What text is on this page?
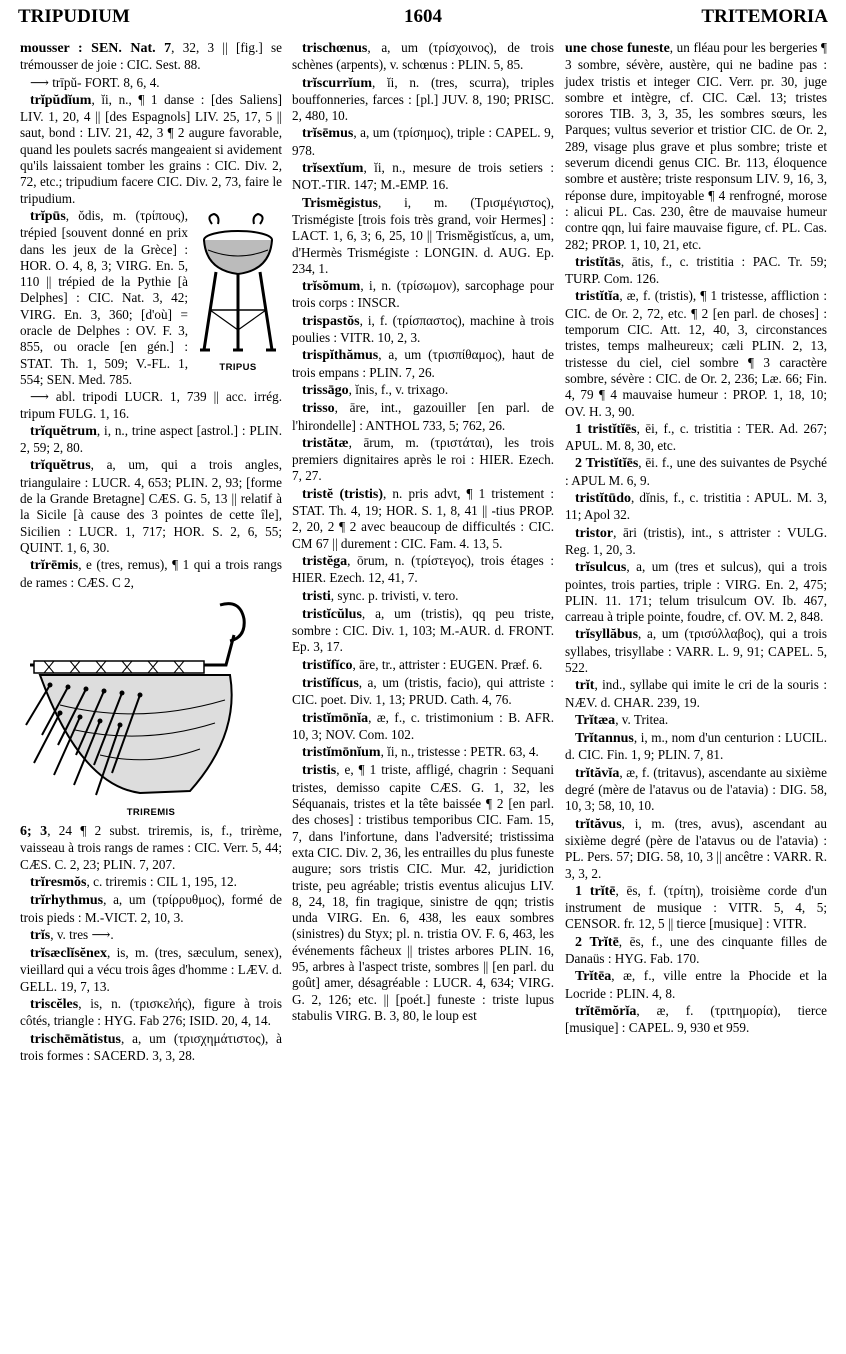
TRIPUDIUM	1604	TRITEMORIA

mousser : SEN. Nat. 7, 32, 3 || [fig.] se trémousser de joie : CIC. Sest. 88.

⟶ trīpŭ- FORT. 8, 6, 4.

trĭpŭdĭum, ĭi, n., ¶ 1 danse : [des Saliens] LIV. 1, 20, 4 || [des Espagnols] LIV. 25, 17, 5 || saut, bond : LIV. 21, 42, 3 ¶ 2 augure favorable, quand les poulets sacrés mangeaient si avidement qu'ils laissaient tomber les grains : CIC. Div. 2, 72, etc.; tripudium facere CIC. Div. 2, 73, faire le tripudium.

TRIPUS

trĭpūs, ŏdis, m. (τρίπους), trépied [souvent donné en prix dans les jeux de la Grèce] : HOR. O. 4, 8, 3; VIRG. En. 5, 110 || trépied de la Pythie [à Delphes] : CIC. Nat. 3, 42; VIRG. En. 3, 360; [d'où] = oracle de Delphes : OV. F. 3, 855, ou oracle [en gén.] : STAT. Th. 1, 509; V.-FL. 1, 554; SEN. Med. 785.

⟶ abl. tripodi LUCR. 1, 739 || acc. irrég. tripum FULG. 1, 16.

trĭquĕtrum, i, n., trine aspect [astrol.] : PLIN. 2, 59; 2, 80.

trĭquĕtrus, a, um, qui a trois angles, triangulaire : LUCR. 4, 653; PLIN. 2, 93; [forme de la Grande Bretagne] CÆS. G. 5, 13 || relatif à la Sicile [à cause des 3 pointes de cette île], Sicilien : LUCR. 1, 717; HOR. S. 2, 6, 55; QUINT. 1, 6, 30.

trĭrēmis, e (tres, remus), ¶ 1 qui a trois rangs de rames : CÆS. C 2,

TRIREMIS

6; 3, 24 ¶ 2 subst. triremis, is, f., trirème, vaisseau à trois rangs de rames : CIC. Verr. 5, 44; CÆS. C. 2, 23; PLIN. 7, 207.

trĭresmŏs, c. triremis : CIL 1, 195, 12.

trĭrhythmus, a, um (τρίρρυθμος), formé de trois pieds : M.-VICT. 2, 10, 3.

trĭs, v. tres ⟶.

trĭsæclĭsĕnex, is, m. (tres, sæculum, senex), vieillard qui a vécu trois âges d'homme : LÆV. d. GELL. 19, 7, 13.

triscĕles, is, n. (τρισκελής), figure à trois côtés, triangle : HYG. Fab 276; ISID. 20, 4, 14.

trischēmătistus, a, um (τρισχημάτιστος), à trois formes : SACERD. 3, 3, 28.

trischœnus, a, um (τρίσχοινος), de trois schènes (arpents), v. schœnus : PLIN. 5, 85.

trĭscurrĭum, ĭi, n. (tres, scurra), triples bouffonneries, farces : [pl.] JUV. 8, 190; PRISC. 2, 480, 10.

trĭsēmus, a, um (τρίσημος), triple : CAPEL. 9, 978.

trĭsextĭum, ĭi, n., mesure de trois setiers : NOT.-TIR. 147; M.-EMP. 16.

Trismĕgistus, i, m. (Τρισμέγιστος), Trismégiste [trois fois très grand, voir Hermes] : LACT. 1, 6, 3; 6, 25, 10 || Trismĕgistĭcus, a, um, d'Hermès Trismégiste : LONGIN. d. AUG. Ep. 234, 1.

trĭsŏmum, i, n. (τρίσωμον), sarcophage pour trois corps : INSCR.

trispastŏs, i, f. (τρίσπαστος), machine à trois poulies : VITR. 10, 2, 3.

trispĭthămus, a, um (τρισπίθαμος), haut de trois empans : PLIN. 7, 26.

trissāgo, ĭnis, f., v. trixago.

trisso, āre, int., gazouiller [en parl. de l'hirondelle] : ANTHOL 733, 5; 762, 26.

tristătæ, ārum, m. (τριστάται), les trois premiers dignitaires après le roi : HIER. Ezech. 7, 27.

tristĕ (tristis), n. pris advt, ¶ 1 tristement : STAT. Th. 4, 19; HOR. S. 1, 8, 41 || -tius PROP. 2, 20, 2 ¶ 2 avec beaucoup de difficultés : CIC. CM 67 || durement : CIC. Fam. 4. 13, 5.

tristĕga, ōrum, n. (τρίστεγος), trois étages : HIER. Ezech. 12, 41, 7.

tristi, sync. p. trivisti, v. tero.

tristĭcŭlus, a, um (tristis), qq peu triste, sombre : CIC. Div. 1, 103; M.-AUR. d. FRONT. Ep. 3, 17.

tristĭfĭco, āre, tr., attrister : EUGEN. Præf. 6.

tristĭfĭcus, a, um (tristis, facio), qui attriste : CIC. poet. Div. 1, 13; PRUD. Cath. 4, 76.

tristĭmōnĭa, æ, f., c. tristimonium : B. AFR. 10, 3; NOV. Com. 102.

tristĭmōnĭum, ĭi, n., tristesse : PETR. 63, 4.

tristis, e, ¶ 1 triste, affligé, chagrin : Sequani tristes, demisso capite CÆS. G. 1, 32, les Séquanais, tristes et la tête baissée ¶ 2 [en parl. des choses] : tristibus temporibus CIC. Fam. 15, 7, dans l'infortune, dans l'adversité; tristissima exta CIC. Div. 2, 36, les entrailles du plus funeste augure; sors tristis CIC. Mur. 42, juridiction triste, peu agréable; tristis eventus alicujus LIV. 8, 24, 18, fin tragique, sinistre de qqn; tristis unda VIRG. En. 6, 438, les eaux sombres (sinistres) du Styx; pl. n. tristia OV. F. 6, 463, les événements fâcheux || tristes arbores PLIN. 16, 95, arbres à l'aspect triste, sombres || [en parl. du goût] amer, désagréable : LUCR. 4, 634; VIRG. G. 2, 126; etc. || [poét.] funeste : triste lupus stabulis VIRG. B. 3, 80, le loup est

une chose funeste, un fléau pour les bergeries ¶ 3 sombre, sévère, austère, qui ne badine pas : judex tristis et integer CIC. Verr. pr. 30, juge sombre et intègre, cf. CIC. Cæl. 13; tristes sorores TIB. 3, 3, 35, les sombres sœurs, les Parques; vultus severior et tristior CIC. de Or. 2, 289, visage plus grave et plus sombre; triste et severum dicendi genus CIC. Br. 113, éloquence sombre et austère; triste responsum LIV. 9, 16, 3, réponse dure, impitoyable ¶ 4 renfrogné, morose : alicui PL. Cas. 230, être de mauvaise humeur contre qqn, lui faire mauvaise figure, cf. PL. Cas. 282; PROP. 1, 10, 21, etc.

tristĭtās, ātis, f., c. tristitia : PAC. Tr. 59; TURP. Com. 126.

tristĭtĭa, æ, f. (tristis), ¶ 1 tristesse, affliction : CIC. de Or. 2, 72, etc. ¶ 2 [en parl. de choses] : temporum CIC. Att. 12, 40, 3, circonstances tristes, temps malheureux; cæli PLIN. 2, 13, tristesse du ciel, ciel sombre ¶ 3 caractère sombre, sévère : CIC. de Or. 2, 236; Læ. 66; Fin. 4, 79 ¶ 4 mauvaise humeur : PROP. 1, 18, 10; OV. H. 3, 90.

1 tristĭtĭēs, ēi, f., c. tristitia : TER. Ad. 267; APUL. M. 8, 30, etc.

2 Tristĭtĭēs, ēi. f., une des suivantes de Psyché : APUL M. 6, 9.

tristĭtūdo, dĭnis, f., c. tristitia : APUL. M. 3, 11; Apol 32.

tristor, āri (tristis), int., s attrister : VULG. Reg. 1, 20, 3.

trĭsulcus, a, um (tres et sulcus), qui a trois pointes, trois parties, triple : VIRG. En. 2, 475; PLIN. 11. 171; telum trisulcum OV. Ib. 467, carreau à triple pointe, foudre, cf. OV. M. 2, 848.

trĭsyllăbus, a, um (τρισύλλαβος), qui a trois syllabes, trisyllabe : VARR. L. 9, 91; CAPEL. 5, 522.

trĭt, ind., syllabe qui imite le cri de la souris : NÆV. d. CHAR. 239, 19.

Trĭtæa, v. Tritea.

Trĭtannus, i, m., nom d'un centurion : LUCIL. d. CIC. Fin. 1, 9; PLIN. 7, 81.

trĭtăvĭa, æ, f. (tritavus), ascendante au sixième degré (mère de l'atavus ou de l'atavia) : DIG. 58, 10, 3; 58, 10, 10.

trĭtăvus, i, m. (tres, avus), ascendant au sixième degré (père de l'atavus ou de l'atavia) : PL. Pers. 57; DIG. 58, 10, 3 || ancêtre : VARR. R. 3, 3, 2.

1 trĭtē, ēs, f. (τρίτη), troisième corde d'un instrument de musique : VITR. 5, 4, 5; CENSOR. fr. 12, 5 || tierce [musique] : VITR.

2 Trĭtē, ēs, f., une des cinquante filles de Danaüs : HYG. Fab. 170.

Trĭtēa, æ, f., ville entre la Phocide et la Locride : PLIN. 4, 8.

trĭtēmŏrĭa, æ, f. (τριτημορία), tierce [musique] : CAPEL. 9, 930 et 959.
